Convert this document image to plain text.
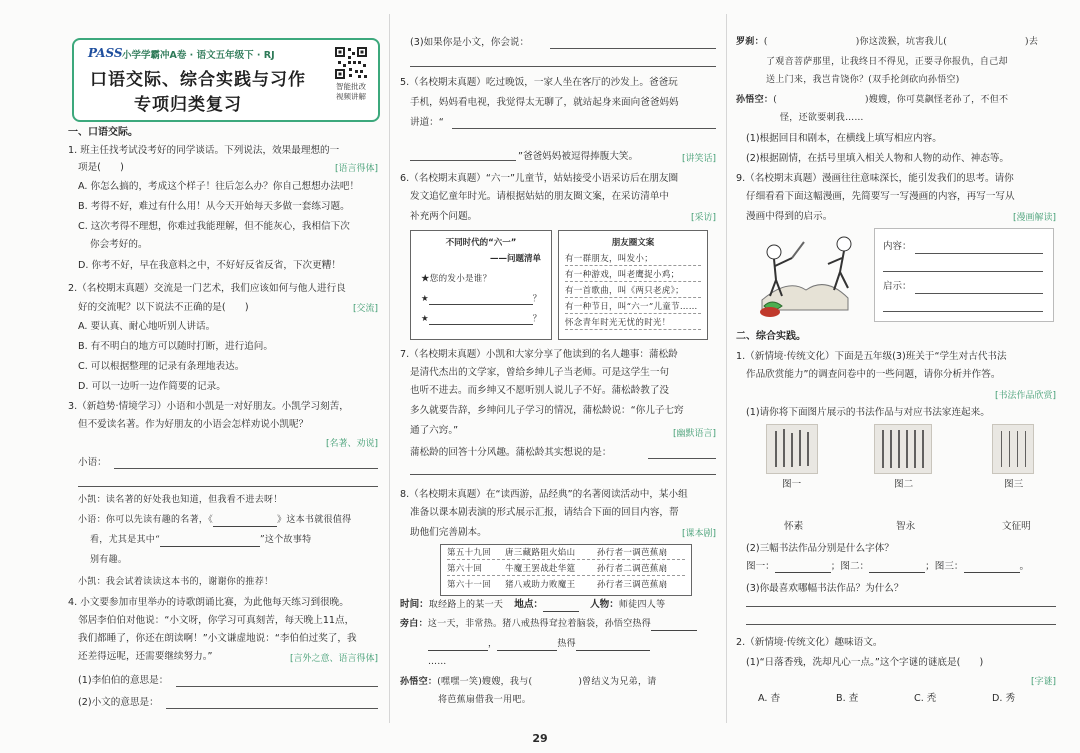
PASS 小学学霸冲A卷 · 语文五年级下 · RJ
口语交际、综合实践与习作
专项归类复习
智能批改 视频讲解
一、口语交际。
1. 班主任找考试没考好的同学谈话。下列说法，效果最理想的一
项是(　　)	[语言得体]
A. 你怎么搞的，考成这个样子！往后怎么办？你自己想想办法吧！
B. 考得不好，难过有什么用！从今天开始每天多做一套练习题。
C. 这次考得不理想，你难过我能理解，但不能灰心，我相信下次
你会考好的。
D. 你考不好，早在我意料之中，不好好反省反省，下次更糟！
2.（名校期末真题）交流是一门艺术，我们应该如何与他人进行良
好的交流呢？以下说法不正确的是(　　)	[交流]
A. 要认真、耐心地听别人讲话。
B. 有不明白的地方可以随时打断，进行追问。
C. 可以根据整理的记录有条理地表达。
D. 可以一边听一边作简要的记录。
3.（新趋势·情境学习）小语和小凯是一对好朋友。小凯学习刻苦，
但不爱读名著。作为好朋友的小语会怎样劝说小凯呢？
[名著、劝说]
小语：
小凯：读名著的好处我也知道，但我看不进去呀！
小语：你可以先读有趣的名著，《	》这本书就很值得
看，尤其是其中“	”这个故事特
别有趣。
小凯：我会试着读读这本书的，谢谢你的推荐！
4. 小文要参加市里举办的诗歌朗诵比赛，为此他每天练习到很晚。
邻居李伯伯对他说：“小文呀，你学习可真刻苦，每天晚上11点，
我们都睡了，你还在朗读啊！”小文谦虚地说：“李伯伯过奖了，我
还差得远呢，还需要继续努力。”	[言外之意、语言得体]
(1)李伯伯的意思是：
(2)小文的意思是：
(3)如果你是小文，你会说：
5.（名校期末真题）吃过晚饭，一家人坐在客厅的沙发上。爸爸玩
手机，妈妈看电视，我觉得太无聊了，就站起身来面向爸爸妈妈
讲道：“
”爸爸妈妈被逗得捧腹大笑。	[讲笑话]
6.（名校期末真题）“六一”儿童节，姑姑接受小语采访后在朋友圈
发文追忆童年时光。请根据姑姑的朋友圈文案，在采访清单中
补充两个问题。	[采访]
不同时代的“六一”
——问题清单
★您的发小是谁？
★	？
★	？
朋友圈文案
有一群朋友，叫发小；
有一种游戏，叫老鹰捉小鸡；
有一首歌曲，叫《两只老虎》；
有一种节日，叫“六一”儿童节……
怀念青年时光无忧的时光！
7.（名校期末真题）小凯和大家分享了他读到的名人趣事：蒲松龄
是清代杰出的文学家，曾给乡绅儿子当老师。可是这学生一句
也听不进去。而乡绅又不愿听别人说儿子不好。蒲松龄教了没
多久就要告辞，乡绅问儿子学习的情况，蒲松龄说：“你儿子七窍
通了六窍。”	[幽默语言]
蒲松龄的回答十分风趣。蒲松龄其实想说的是：
8.（名校期末真题）在“读西游，品经典”的名著阅读活动中，某小组
准备以课本剧表演的形式展示汇报，请结合下面的回目内容，帮
助他们完善剧本。	[课本剧]
第五十九回 唐三藏路阻火焰山	孙行者一调芭蕉扇
第六十回	牛魔王罢战赴华筵	孙行者二调芭蕉扇
第六十一回 猪八戒助力败魔王	孙行者三调芭蕉扇
时间：取经路上的某一天 地点：	人物：师徒四人等
旁白：这一天，非常热。猪八戒热得耷拉着脑袋，孙悟空热得
，	热得
……
孙悟空：(嘿嘿一笑)嫂嫂，我与(	)曾结义为兄弟，请
将芭蕉扇借我一用吧。
罗刹：(	)你这泼猴，坑害我儿(	)去
了观音菩萨那里，让我终日不得见，正要寻你报仇，自己却
送上门来，我岂肯饶你？(双手抡剑砍向孙悟空)
孙悟空：(	)嫂嫂，你可莫飙怪老孙了，不但不
怪，还欲要刺我……
(1)根据回目和剧本，在横线上填写相应内容。
(2)根据剧情，在括号里填入相关人物和人物的动作、神态等。
9.（名校期末真题）漫画往往意味深长，能引发我们的思考。请你
仔细看看下面这幅漫画，先简要写一写漫画的内容，再写一写从
漫画中得到的启示。	[漫画解读]
内容：
启示：
二、综合实践。
1.（新情境·传统文化）下面是五年级(3)班关于“学生对古代书法
作品欣赏能力”的调查问卷中的一些问题，请你分析并作答。
[书法作品欣赏]
(1)请你将下面图片展示的书法作品与对应书法家连起来。
图一	图二	图三
怀素	智永	文征明
(2)三幅书法作品分别是什么字体？
图一：	；图二：	；图三：	。
(3)你最喜欢哪幅书法作品？为什么？
2.（新情境·传统文化）趣味语文。
(1)“日落香残，洗却凡心一点。”这个字谜的谜底是(　　)
[字谜]
A. 杳	B. 查	C. 秃	D. 秀
29
